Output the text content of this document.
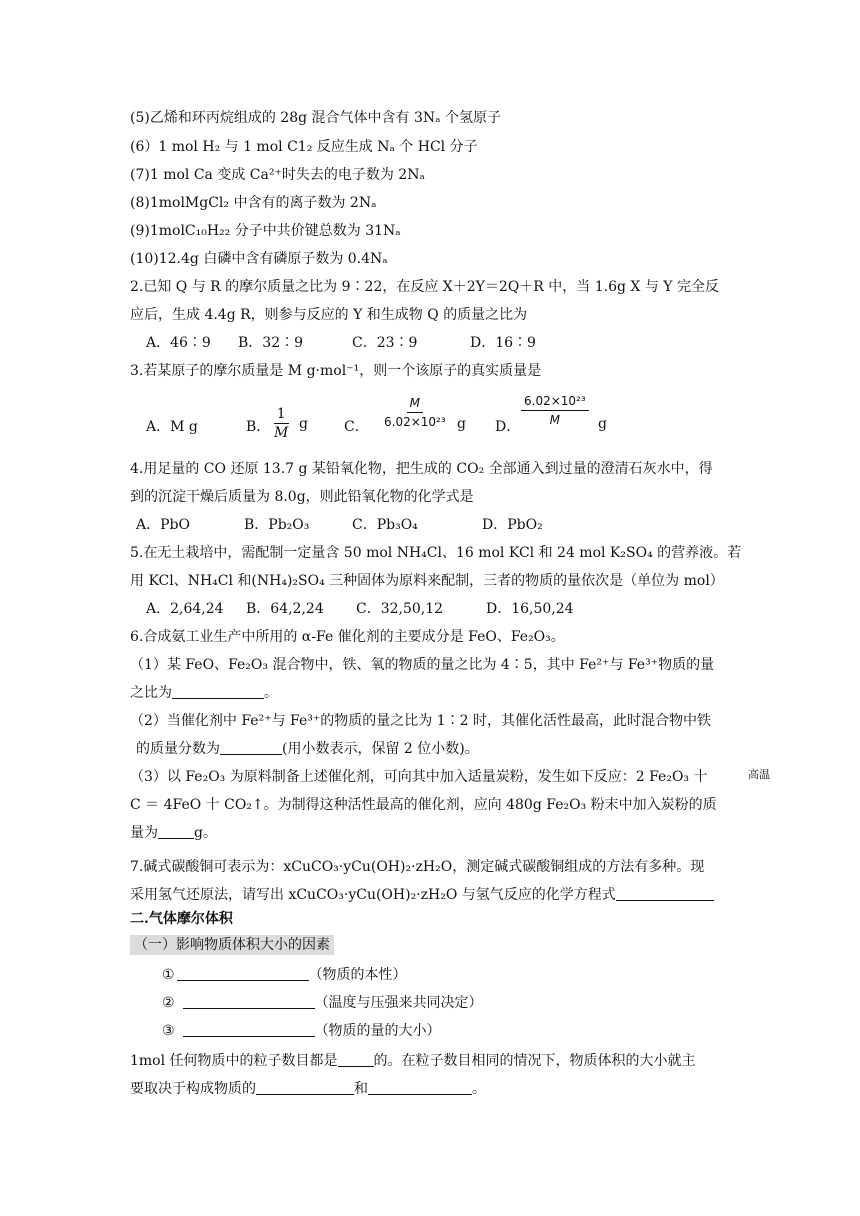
(5)乙烯和环丙烷组成的 28g 混合气体中含有 3Nₐ 个氢原子
(6）1 mol H₂ 与 1 mol C1₂ 反应生成 Nₐ 个 HCl 分子
(7)1 mol Ca 变成 Ca²⁺时失去的电子数为 2Nₐ
(8)1molMgCl₂ 中含有的离子数为 2Nₐ
(9)1molC₁₀H₂₂ 分子中共价键总数为 31Nₐ
(10)12.4g 白磷中含有磷原子数为 0.4Nₐ
2.已知 Q 与 R 的摩尔质量之比为 9∶22，在反应 X＋2Y＝2Q＋R 中，当 1.6g X 与 Y 完全反
应后，生成 4.4g R，则参与反应的 Y 和生成物 Q 的质量之比为
A．46∶9 B．32∶9	C．23∶9	D．16∶9
3.若某原子的摩尔质量是 M g·mol⁻¹，则一个该原子的真实质量是
A．M g	B． $\frac{1}{M}$ g	C． $\frac{M}{\text{6.02×10²³}}$ g D． $\frac{\text{6.02×10²³}}{M}$ g
4.用足量的 CO 还原 13.7 g 某铅氧化物，把生成的 CO₂ 全部通入到过量的澄清石灰水中，得
到的沉淀干燥后质量为 8.0g，则此铅氧化物的化学式是
A．PbO	B．Pb₂O₃	C．Pb₃O₄	D．PbO₂
5.在无土栽培中，需配制一定量含 50 mol NH₄Cl、16 mol KCl 和 24 mol K₂SO₄ 的营养液。若
用 KCl、NH₄Cl 和(NH₄)₂SO₄ 三种固体为原料来配制，三者的物质的量依次是（单位为 mol）
A．2,64,24 B．64,2,24 C．32,50,12	D．16,50,24
6.合成氨工业生产中所用的 α-Fe 催化剂的主要成分是 FeO、Fe₂O₃。
（1）某 FeO、Fe₂O₃ 混合物中，铁、氧的物质的量之比为 4∶5，其中 Fe²⁺与 Fe³⁺物质的量
之比为	。
（2）当催化剂中 Fe²⁺与 Fe³⁺的物质的量之比为 1∶2 时，其催化活性最高，此时混合物中铁
的质量分数为	(用小数表示，保留 2 位小数)。
（3）以 Fe₂O₃ 为原料制备上述催化剂，可向其中加入适量炭粉，发生如下反应：2 Fe₂O₃ 十	高温
C ＝ 4FeO 十 CO₂↑。为制得这种活性最高的催化剂，应向 480g Fe₂O₃ 粉末中加入炭粉的质
量为	g。
7.碱式碳酸铜可表示为：xCuCO₃·yCu(OH)₂·zH₂O，测定碱式碳酸铜组成的方法有多种。现
采用氢气还原法，请写出 xCuCO₃·yCu(OH)₂·zH₂O 与氢气反应的化学方程式
二.气体摩尔体积
（一）影响物质体积大小的因素
①	（物质的本性）
②	（温度与压强来共同决定）
③	（物质的量的大小）
1mol 任何物质中的粒子数目都是	的。在粒子数目相同的情况下，物质体积的大小就主
要取决于构成物质的	和	。
